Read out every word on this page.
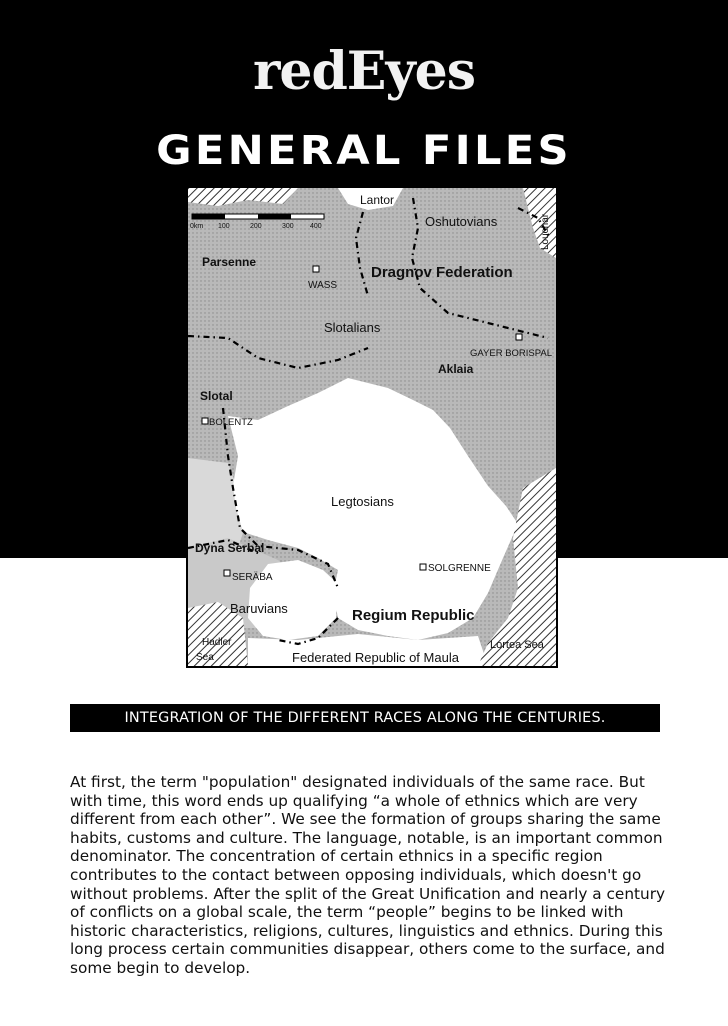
redEyes
GENERAL FILES
0km 100	200	300 400
Lantor
Oshutovians	Louchar
Parsenne
WASS
Dragnov Federation
Slotalians
GAYER BORISPAL
Aklaia
Slotal
BOLENTZ
Legtosians
Dyna Serbal
SERÄBA
SOLGRENNE
Baruvians	Regium Republic
Hadler
Sea
Lortea Sea
Federated Republic of Maula
INTEGRATION OF THE DIFFERENT RACES ALONG THE CENTURIES.
At first, the term "population" designated individuals of the same race. But with time, this word ends up qualifying “a whole of ethnics which are very different from each other”. We see the formation of groups sharing the same habits, customs and culture. The language, notable, is an important common denominator. The concentration of certain ethnics in a specific region contributes to the contact between opposing individuals, which doesn't go without problems. After the split of the Great Unification and nearly a century of conflicts on a global scale, the term “people” begins to be linked with historic characteristics, religions, cultures, linguistics and ethnics. During this long process certain communities disappear, others come to the surface, and some begin to develop.
